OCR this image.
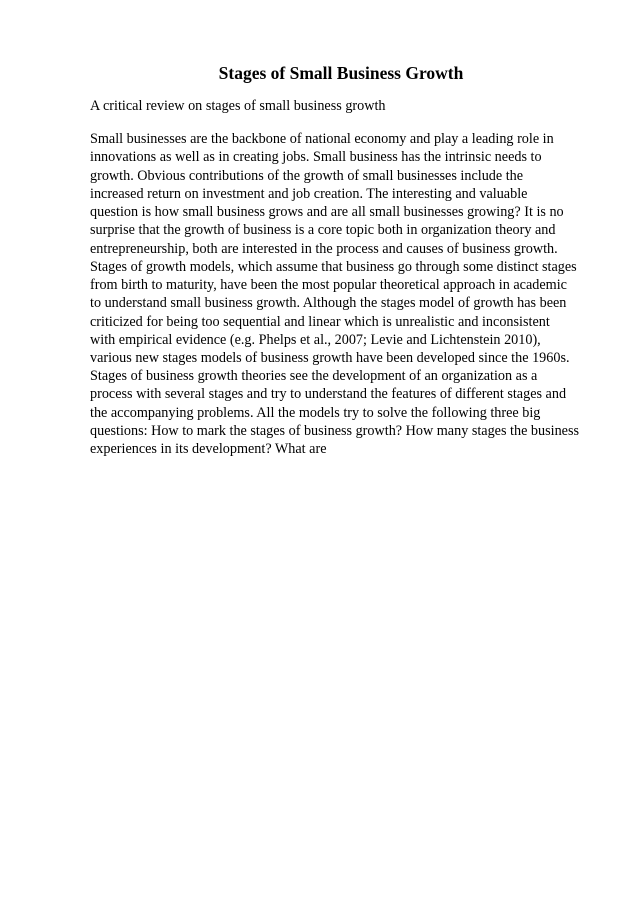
Stages of Small Business Growth

A critical review on stages of small business growth

Small businesses are the backbone of national economy and play a leading role in
innovations as well as in creating jobs. Small business has the intrinsic needs to
growth. Obvious contributions of the growth of small businesses include the
increased return on investment and job creation. The interesting and valuable
question is how small business grows and are all small businesses growing? It is no
surprise that the growth of business is a core topic both in organization theory and
entrepreneurship, both are interested in the process and causes of business growth.
Stages of growth models, which assume that business go through some distinct stages
from birth to maturity, have been the most popular theoretical approach in academic
to understand small business growth. Although the stages model of growth has been
criticized for being too sequential and linear which is unrealistic and inconsistent
with empirical evidence (e.g. Phelps et al., 2007; Levie and Lichtenstein 2010),
various new stages models of business growth have been developed since the 1960s.

Stages of business growth theories see the development of an organization as a
process with several stages and try to understand the features of different stages and
the accompanying problems. All the models try to solve the following three big
questions: How to mark the stages of business growth? How many stages the business
experiences in its development? What are
